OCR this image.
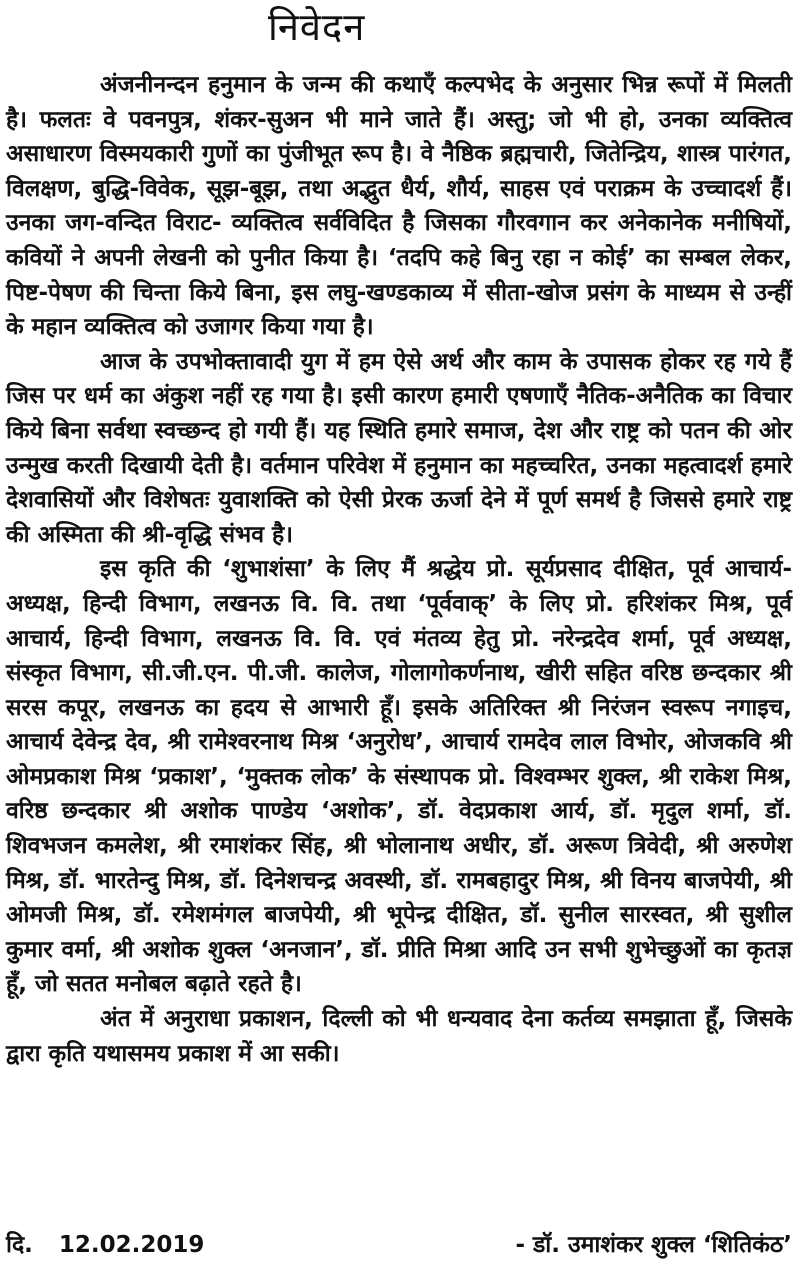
निवेदन

अंजनीनन्दन हनुमान के जन्म की कथाएँ कल्पभेद के अनुसार भिन्न रूपों में मिलती है। फलतः वे पवनपुत्र, शंकर-सुअन भी माने जाते हैं। अस्तु; जो भी हो, उनका व्यक्तित्व असाधारण विस्मयकारी गुणों का पुंजीभूत रूप है। वे नैष्ठिक ब्रह्मचारी, जितेन्द्रिय, शास्त्र पारंगत, विलक्षण, बुद्धि-विवेक, सूझ-बूझ, तथा अद्भुत धैर्य, शौर्य, साहस एवं पराक्रम के उच्चादर्श हैं। उनका जग-वन्दित विराट- व्यक्तित्व सर्वविदित है जिसका गौरवगान कर अनेकानेक मनीषियों, कवियों ने अपनी लेखनी को पुनीत किया है। ‘तदपि कहे बिनु रहा न कोई’ का सम्बल लेकर, पिष्ट-पेषण की चिन्ता किये बिना, इस लघु-खण्डकाव्य में सीता-खोज प्रसंग के माध्यम से उन्हीं के महान व्यक्तित्व को उजागर किया गया है।

आज के उपभोक्तावादी युग में हम ऐसे अर्थ और काम के उपासक होकर रह गये हैं जिस पर धर्म का अंकुश नहीं रह गया है। इसी कारण हमारी एषणाएँ नैतिक-अनैतिक का विचार किये बिना सर्वथा स्वच्छन्द हो गयी हैं। यह स्थिति हमारे समाज, देश और राष्ट्र को पतन की ओर उन्मुख करती दिखायी देती है। वर्तमान परिवेश में हनुमान का महच्चरित, उनका महत्वादर्श हमारे देशवासियों और विशेषतः युवाशक्ति को ऐसी प्रेरक ऊर्जा देने में पूर्ण समर्थ है जिससे हमारे राष्ट्र की अस्मिता की श्री-वृद्धि संभव है।

इस कृति की ‘शुभाशंसा’ के लिए मैं श्रद्धेय प्रो. सूर्यप्रसाद दीक्षित, पूर्व आचार्य-अध्यक्ष, हिन्दी विभाग, लखनऊ वि. वि. तथा ‘पूर्ववाक्’ के लिए प्रो. हरिशंकर मिश्र, पूर्व आचार्य, हिन्दी विभाग, लखनऊ वि. वि. एवं मंतव्य हेतु प्रो. नरेन्द्रदेव शर्मा, पूर्व अध्यक्ष, संस्कृत विभाग, सी.जी.एन. पी.जी. कालेज, गोलागोकर्णनाथ, खीरी सहित वरिष्ठ छन्दकार श्री सरस कपूर, लखनऊ का हदय से आभारी हूँ। इसके अतिरिक्त श्री निरंजन स्वरूप नगाइच, आचार्य देवेन्द्र देव, श्री रामेश्वरनाथ मिश्र ‘अनुरोध’, आचार्य रामदेव लाल विभोर, ओजकवि श्री ओमप्रकाश मिश्र ‘प्रकाश’, ‘मुक्तक लोक’ के संस्थापक प्रो. विश्वम्भर शुक्ल, श्री राकेश मिश्र, वरिष्ठ छन्दकार श्री अशोक पाण्डेय ‘अशोक’, डॉ. वेदप्रकाश आर्य, डॉ. मृदुल शर्मा, डॉ. शिवभजन कमलेश, श्री रमाशंकर सिंह, श्री भोलानाथ अधीर, डॉ. अरूण त्रिवेदी, श्री अरुणेश मिश्र, डॉ. भारतेन्दु मिश्र, डॉ. दिनेशचन्द्र अवस्थी, डॉ. रामबहादुर मिश्र, श्री विनय बाजपेयी, श्री ओमजी मिश्र, डॉ. रमेशमंगल बाजपेयी, श्री भूपेन्द्र दीक्षित, डॉ. सुनील सारस्वत, श्री सुशील कुमार वर्मा, श्री अशोक शुक्ल ‘अनजान’, डॉ. प्रीति मिश्रा आदि उन सभी शुभेच्छुओं का कृतज्ञ हूँ, जो सतत मनोबल बढ़ाते रहते है।

अंत में अनुराधा प्रकाशन, दिल्ली को भी धन्यवाद देना कर्तव्य समझाता हूँ, जिसके द्वारा कृति यथासमय प्रकाश में आ सकी।

दि. 12.02.2019	- डॉ. उमाशंकर शुक्ल ‘शितिकंठ’
